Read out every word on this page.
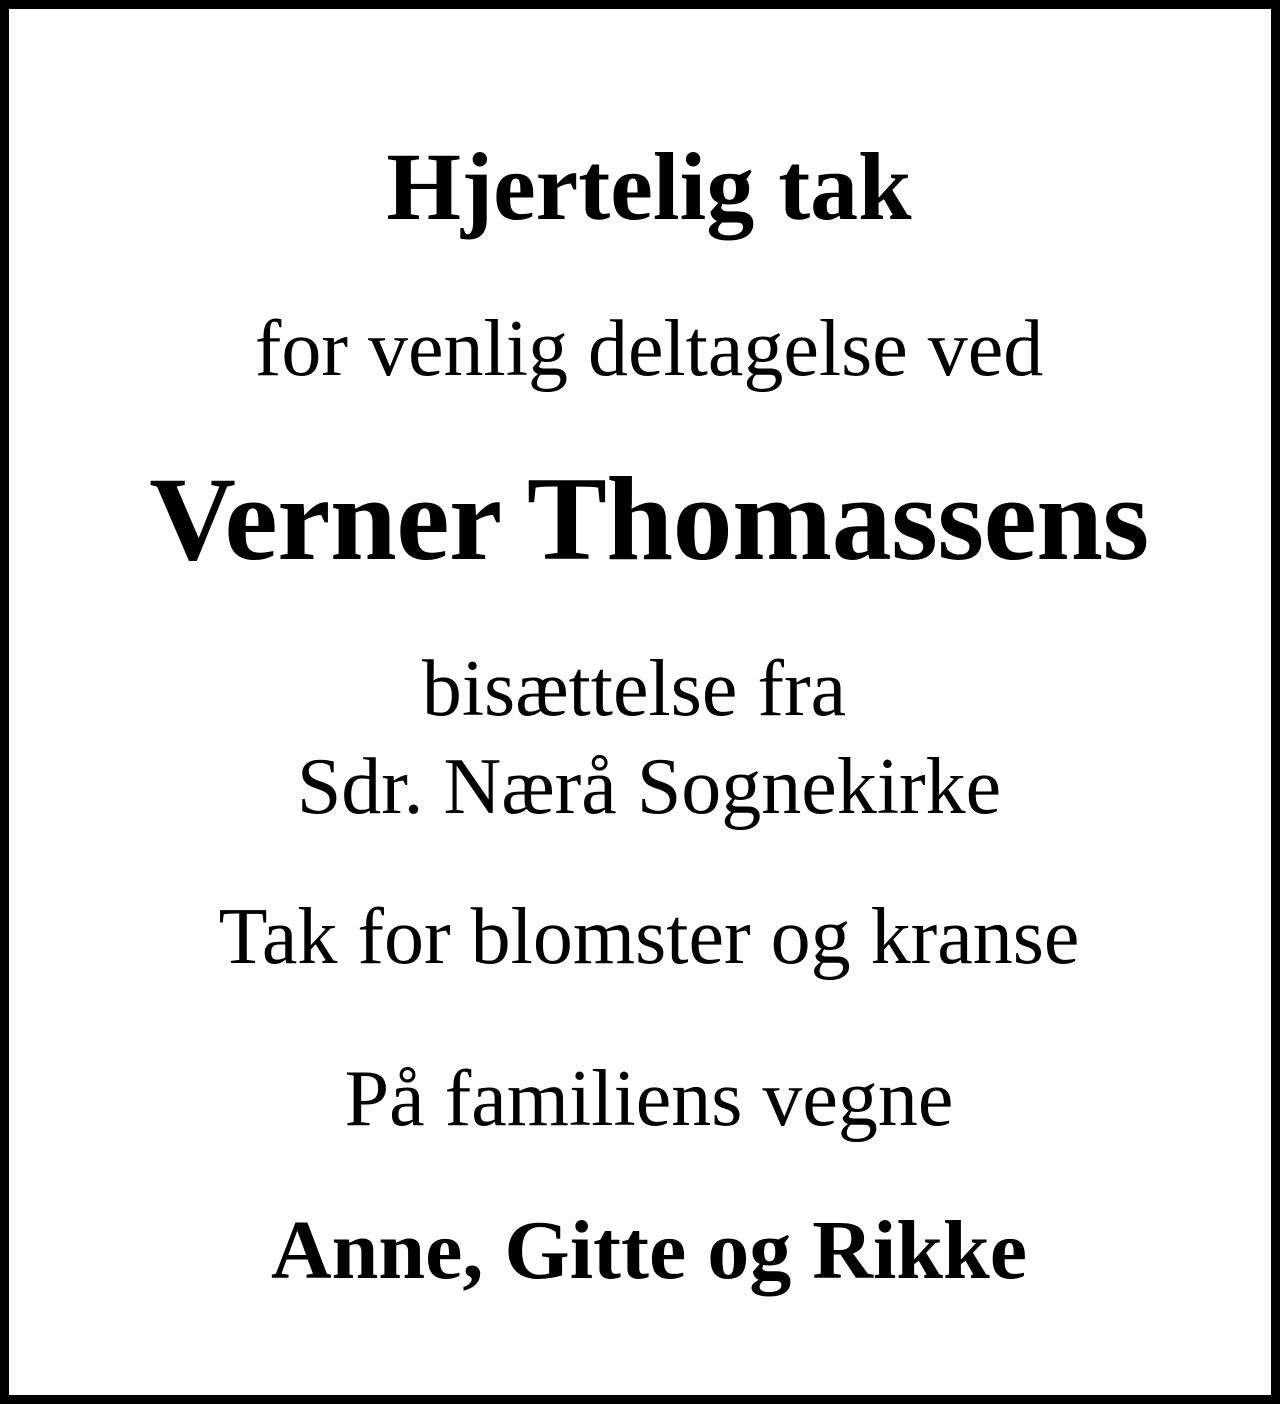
Hjertelig tak
for venlig deltagelse ved
Verner Thomassens
bisættelse fra
Sdr. Nærå Sognekirke
Tak for blomster og kranse
På familiens vegne
Anne, Gitte og Rikke
